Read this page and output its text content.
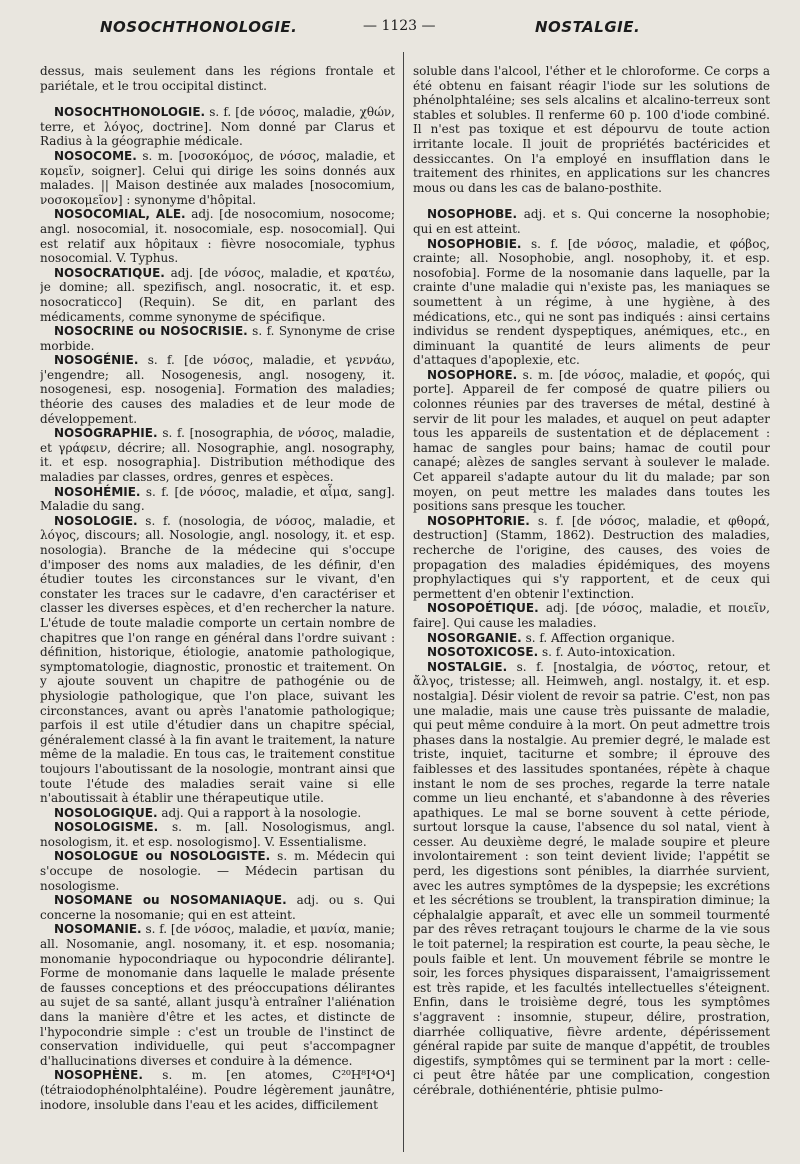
NOSOCHTHONOLOGIE.	— 1123 —	NOSTALGIE.

dessus, mais seulement dans les régions frontale et pariétale, et le trou occipital distinct.

NOSOCHTHONOLOGIE. s. f. [de νόσος, maladie, χθών, terre, et λόγος, doctrine]. Nom donné par Clarus et Radius à la géographie médicale.

NOSOCOME. s. m. [νοσοκόμος, de νόσος, maladie, et κομεῖν, soigner]. Celui qui dirige les soins donnés aux malades. || Maison destinée aux malades [nosocomium, νοσοκομεῖον] : synonyme d'hôpital.

NOSOCOMIAL, ALE. adj. [de nosocomium, nosocome; angl. nosocomial, it. nosocomiale, esp. nosocomial]. Qui est relatif aux hôpitaux : fièvre nosocomiale, typhus nosocomial. V. Typhus.

NOSOCRATIQUE. adj. [de νόσος, maladie, et κρατέω, je domine; all. spezifisch, angl. nosocratic, it. et esp. nosocraticco] (Requin). Se dit, en parlant des médicaments, comme synonyme de spécifique.

NOSOCRINE ou NOSOCRISIE. s. f. Synonyme de crise morbide.

NOSOGÉNIE. s. f. [de νόσος, maladie, et γεννάω, j'engendre; all. Nosogenesis, angl. nosogeny, it. nosogenesi, esp. nosogenia]. Formation des maladies; théorie des causes des maladies et de leur mode de développement.

NOSOGRAPHIE. s. f. [nosographia, de νόσος, maladie, et γράφειν, décrire; all. Nosographie, angl. nosography, it. et esp. nosographia]. Distribution méthodique des maladies par classes, ordres, genres et espèces.

NOSOHÉMIE. s. f. [de νόσος, maladie, et αἷμα, sang]. Maladie du sang.

NOSOLOGIE. s. f. (nosologia, de νόσος, maladie, et λόγος, discours; all. Nosologie, angl. nosology, it. et esp. nosologia). Branche de la médecine qui s'occupe d'imposer des noms aux maladies, de les définir, d'en étudier toutes les circonstances sur le vivant, d'en constater les traces sur le cadavre, d'en caractériser et classer les diverses espèces, et d'en rechercher la nature. L'étude de toute maladie comporte un certain nombre de chapitres que l'on range en général dans l'ordre suivant : définition, historique, étiologie, anatomie pathologique, symptomatologie, diagnostic, pronostic et traitement. On y ajoute souvent un chapitre de pathogénie ou de physiologie pathologique, que l'on place, suivant les circonstances, avant ou après l'anatomie pathologique; parfois il est utile d'étudier dans un chapitre spécial, généralement classé à la fin avant le traitement, la nature même de la maladie. En tous cas, le traitement constitue toujours l'aboutissant de la nosologie, montrant ainsi que toute l'étude des maladies serait vaine si elle n'aboutissait à établir une thérapeutique utile.

NOSOLOGIQUE. adj. Qui a rapport à la nosologie.

NOSOLOGISME. s. m. [all. Nosologismus, angl. nosologism, it. et esp. nosologismo]. V. Essentialisme.

NOSOLOGUE ou NOSOLOGISTE. s. m. Médecin qui s'occupe de nosologie. — Médecin partisan du nosologisme.

NOSOMANE ou NOSOMANIAQUE. adj. ou s. Qui concerne la nosomanie; qui en est atteint.

NOSOMANIE. s. f. [de νόσος, maladie, et μανία, manie; all. Nosomanie, angl. nosomany, it. et esp. nosomania; monomanie hypocondriaque ou hypocondrie délirante]. Forme de monomanie dans laquelle le malade présente de fausses conceptions et des préoccupations délirantes au sujet de sa santé, allant jusqu'à entraîner l'aliénation dans la manière d'être et les actes, et distincte de l'hypocondrie simple : c'est un trouble de l'instinct de conservation individuelle, qui peut s'accompagner d'hallucinations diverses et conduire à la démence.

NOSOPHÈNE. s. m. [en atomes, C²⁰H⁸I⁴O⁴] (tétraiodophénolphtaléine). Poudre légèrement jaunâtre, inodore, insoluble dans l'eau et les acides, difficilement

soluble dans l'alcool, l'éther et le chloroforme. Ce corps a été obtenu en faisant réagir l'iode sur les solutions de phénolphtaléine; ses sels alcalins et alcalino-terreux sont stables et solubles. Il renferme 60 p. 100 d'iode combiné. Il n'est pas toxique et est dépourvu de toute action irritante locale. Il jouit de propriétés bactéricides et dessiccantes. On l'a employé en insufflation dans le traitement des rhinites, en applications sur les chancres mous ou dans les cas de balano-posthite.

NOSOPHOBE. adj. et s. Qui concerne la nosophobie; qui en est atteint.

NOSOPHOBIE. s. f. [de νόσος, maladie, et φόβος, crainte; all. Nosophobie, angl. nosophoby, it. et esp. nosofobia]. Forme de la nosomanie dans laquelle, par la crainte d'une maladie qui n'existe pas, les maniaques se soumettent à un régime, à une hygiène, à des médications, etc., qui ne sont pas indiqués : ainsi certains individus se rendent dyspeptiques, anémiques, etc., en diminuant la quantité de leurs aliments de peur d'attaques d'apoplexie, etc.

NOSOPHORE. s. m. [de νόσος, maladie, et φορός, qui porte]. Appareil de fer composé de quatre piliers ou colonnes réunies par des traverses de métal, destiné à servir de lit pour les malades, et auquel on peut adapter tous les appareils de sustentation et de déplacement : hamac de sangles pour bains; hamac de coutil pour canapé; alèzes de sangles servant à soulever le malade. Cet appareil s'adapte autour du lit du malade; par son moyen, on peut mettre les malades dans toutes les positions sans presque les toucher.

NOSOPHTORIE. s. f. [de νόσος, maladie, et φθορά, destruction] (Stamm, 1862). Destruction des maladies, recherche de l'origine, des causes, des voies de propagation des maladies épidémiques, des moyens prophylactiques qui s'y rapportent, et de ceux qui permettent d'en obtenir l'extinction.

NOSOPOÉTIQUE. adj. [de νόσος, maladie, et ποιεῖν, faire]. Qui cause les maladies.

NOSORGANIE. s. f. Affection organique.

NOSOTOXICOSE. s. f. Auto-intoxication.

NOSTALGIE. s. f. [nostalgia, de νόστος, retour, et ἄλγος, tristesse; all. Heimweh, angl. nostalgy, it. et esp. nostalgia]. Désir violent de revoir sa patrie. C'est, non pas une maladie, mais une cause très puissante de maladie, qui peut même conduire à la mort. On peut admettre trois phases dans la nostalgie. Au premier degré, le malade est triste, inquiet, taciturne et sombre; il éprouve des faiblesses et des lassitudes spontanées, répète à chaque instant le nom de ses proches, regarde la terre natale comme un lieu enchanté, et s'abandonne à des rêveries apathiques. Le mal se borne souvent à cette période, surtout lorsque la cause, l'absence du sol natal, vient à cesser. Au deuxième degré, le malade soupire et pleure involontairement : son teint devient livide; l'appétit se perd, les digestions sont pénibles, la diarrhée survient, avec les autres symptômes de la dyspepsie; les excrétions et les sécrétions se troublent, la transpiration diminue; la céphalalgie apparaît, et avec elle un sommeil tourmenté par des rêves retraçant toujours le charme de la vie sous le toit paternel; la respiration est courte, la peau sèche, le pouls faible et lent. Un mouvement fébrile se montre le soir, les forces physiques disparaissent, l'amaigrissement est très rapide, et les facultés intellectuelles s'éteignent. Enfin, dans le troisième degré, tous les symptômes s'aggravent : insomnie, stupeur, délire, prostration, diarrhée colliquative, fièvre ardente, dépérissement général rapide par suite de manque d'appétit, de troubles digestifs, symptômes qui se terminent par la mort : celle-ci peut être hâtée par une complication, congestion cérébrale, dothiénentérie, phtisie pulmo-
